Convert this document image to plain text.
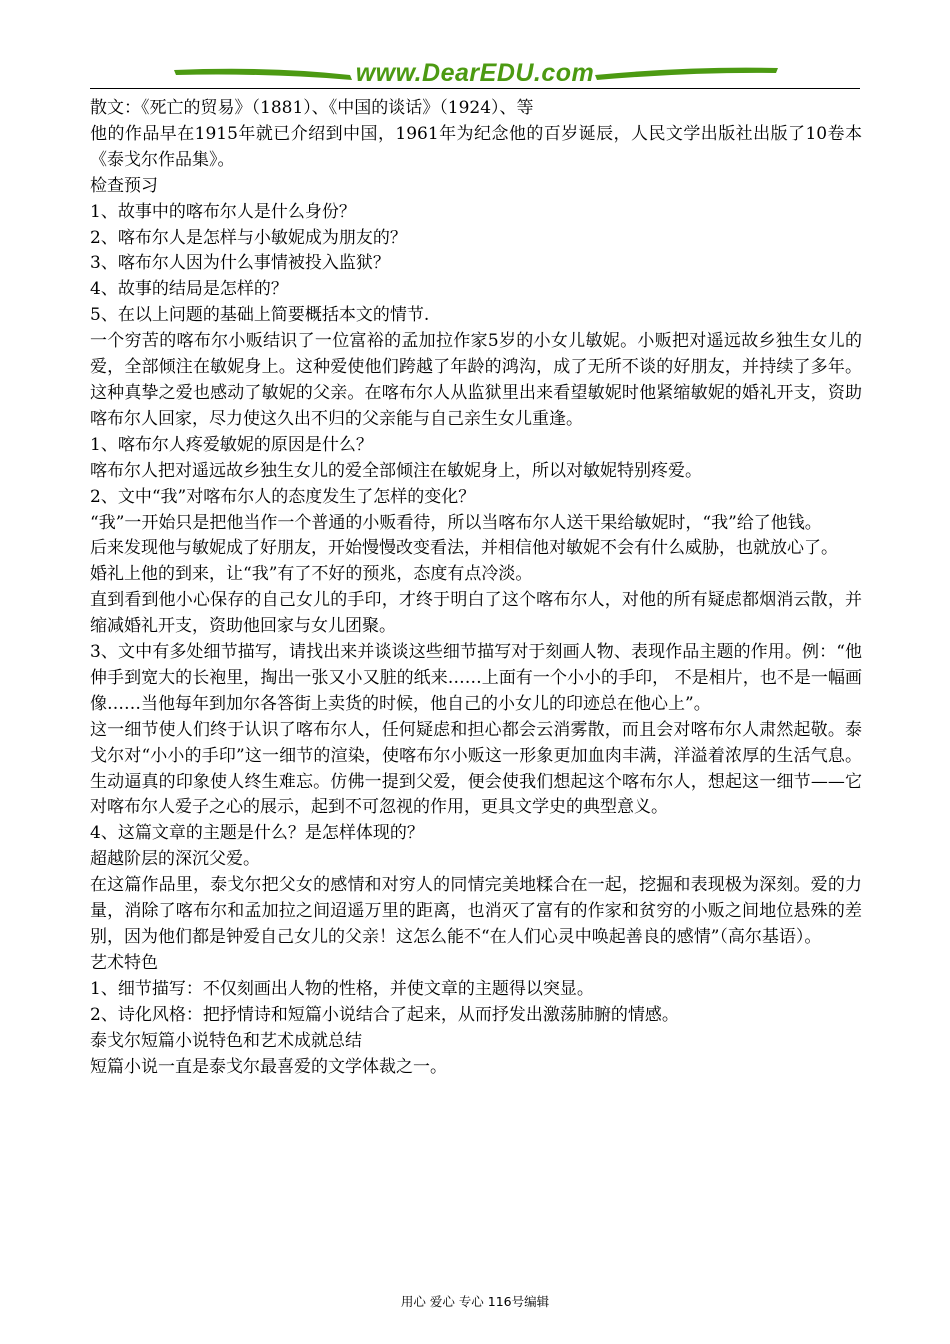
www.DearEDU.com

散文：《死亡的贸易》（1881）、《中国的谈话》（1924）、等

他的作品早在1915年就已介绍到中国，1961年为纪念他的百岁诞辰，人民文学出版社出版了10卷本《泰戈尔作品集》。

检查预习

1、故事中的喀布尔人是什么身份？

2、喀布尔人是怎样与小敏妮成为朋友的？

3、喀布尔人因为什么事情被投入监狱？

4、故事的结局是怎样的？

5、在以上问题的基础上简要概括本文的情节.

一个穷苦的喀布尔小贩结识了一位富裕的孟加拉作家5岁的小女儿敏妮。小贩把对遥远故乡独生女儿的爱，全部倾注在敏妮身上。这种爱使他们跨越了年龄的鸿沟，成了无所不谈的好朋友，并持续了多年。这种真挚之爱也感动了敏妮的父亲。在喀布尔人从监狱里出来看望敏妮时他紧缩敏妮的婚礼开支，资助喀布尔人回家，尽力使这久出不归的父亲能与自己亲生女儿重逢。

1、喀布尔人疼爱敏妮的原因是什么？

喀布尔人把对遥远故乡独生女儿的爱全部倾注在敏妮身上，所以对敏妮特别疼爱。

2、文中“我”对喀布尔人的态度发生了怎样的变化？

“我”一开始只是把他当作一个普通的小贩看待，所以当喀布尔人送干果给敏妮时，“我”给了他钱。

后来发现他与敏妮成了好朋友，开始慢慢改变看法，并相信他对敏妮不会有什么威胁，也就放心了。

婚礼上他的到来，让“我”有了不好的预兆，态度有点冷淡。

直到看到他小心保存的自己女儿的手印，才终于明白了这个喀布尔人，对他的所有疑虑都烟消云散，并缩减婚礼开支，资助他回家与女儿团聚。

3、文中有多处细节描写，请找出来并谈谈这些细节描写对于刻画人物、表现作品主题的作用。例：“他伸手到宽大的长袍里，掏出一张又小又脏的纸来……上面有一个小小的手印， 不是相片，也不是一幅画像……当他每年到加尔各答街上卖货的时候，他自己的小女儿的印迹总在他心上”。

这一细节使人们终于认识了喀布尔人，任何疑虑和担心都会云消雾散，而且会对喀布尔人肃然起敬。泰戈尔对“小小的手印”这一细节的渲染，使喀布尔小贩这一形象更加血肉丰满，洋溢着浓厚的生活气息。生动逼真的印象使人终生难忘。仿佛一提到父爱，便会使我们想起这个喀布尔人，想起这一细节——它对喀布尔人爱子之心的展示，起到不可忽视的作用，更具文学史的典型意义。

4、这篇文章的主题是什么？是怎样体现的？

超越阶层的深沉父爱。

在这篇作品里，泰戈尔把父女的感情和对穷人的同情完美地糅合在一起，挖掘和表现极为深刻。爱的力量，消除了喀布尔和孟加拉之间迢遥万里的距离，也消灭了富有的作家和贫穷的小贩之间地位悬殊的差别，因为他们都是钟爱自己女儿的父亲！这怎么能不“在人们心灵中唤起善良的感情”（高尔基语）。

艺术特色

1、细节描写：不仅刻画出人物的性格，并使文章的主题得以突显。

2、诗化风格：把抒情诗和短篇小说结合了起来，从而抒发出激荡肺腑的情感。

泰戈尔短篇小说特色和艺术成就总结

短篇小说一直是泰戈尔最喜爱的文学体裁之一。

用心 爱心 专心 116号编辑
